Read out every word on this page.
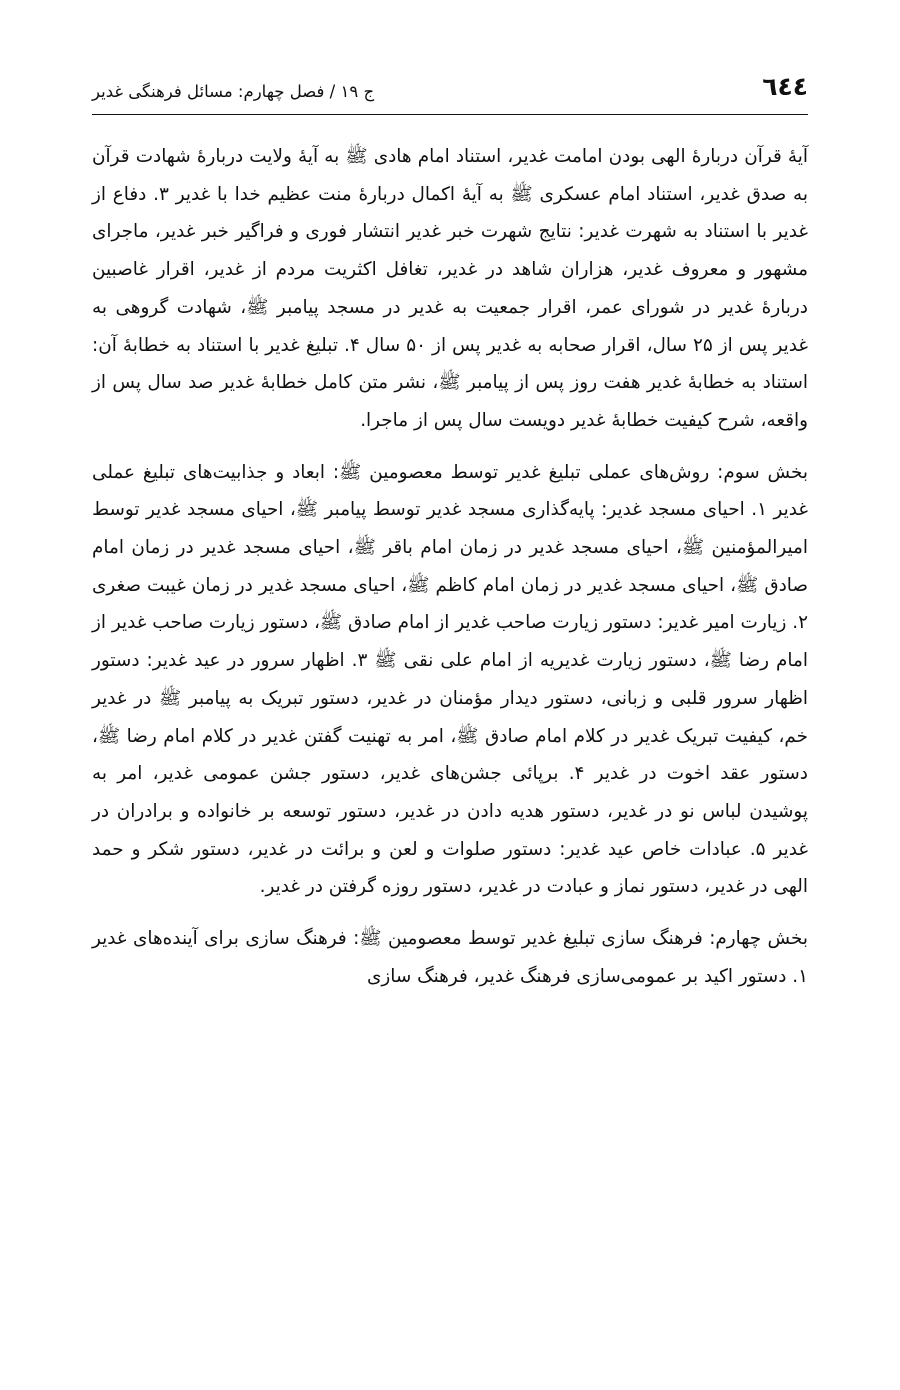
٦٤٤
ج ١٩ / فصل چهارم: مسائل فرهنگی غدیر

آیهٔ قرآن دربارهٔ الهی بودن امامت غدیر، استناد امام هادی ﷺ به آیهٔ ولایت دربارهٔ شهادت قرآن به صدق غدیر، استناد امام عسکری ﷺ به آیهٔ اکمال دربارهٔ منت عظیم خدا با غدیر ۳. دفاع از غدیر با استناد به شهرت غدیر: نتایج شهرت خبر غدیر انتشار فوری و فراگیر خبر غدیر، ماجرای مشهور و معروف غدیر، هزاران شاهد در غدیر، تغافل اکثریت مردم از غدیر، اقرار غاصبین دربارهٔ غدیر در شورای عمر، اقرار جمعیت به غدیر در مسجد پیامبر ﷺ، شهادت گروهی به غدیر پس از ۲۵ سال، اقرار صحابه به غدیر پس از ۵۰ سال ۴. تبلیغ غدیر با استناد به خطابهٔ آن: استناد به خطابهٔ غدیر هفت روز پس از پیامبر ﷺ، نشر متن کامل خطابهٔ غدیر صد سال پس از واقعه، شرح کیفیت خطابهٔ غدیر دویست سال پس از ماجرا.

بخش سوم: روش‌های عملی تبلیغ غدیر توسط معصومین ﷺ: ابعاد و جذابیت‌های تبلیغ عملی غدیر ۱. احیای مسجد غدیر: پایه‌گذاری مسجد غدیر توسط پیامبر ﷺ، احیای مسجد غدیر توسط امیرالمؤمنین ﷺ، احیای مسجد غدیر در زمان امام باقر ﷺ، احیای مسجد غدیر در زمان امام صادق ﷺ، احیای مسجد غدیر در زمان امام کاظم ﷺ، احیای مسجد غدیر در زمان غیبت صغری ۲. زیارت امیر غدیر: دستور زیارت صاحب غدیر از امام صادق ﷺ، دستور زیارت صاحب غدیر از امام رضا ﷺ، دستور زیارت غدیریه از امام علی نقی ﷺ ۳. اظهار سرور در عید غدیر: دستور اظهار سرور قلبی و زبانی، دستور دیدار مؤمنان در غدیر، دستور تبریک به پیامبر ﷺ در غدیر خم، کیفیت تبریک غدیر در کلام امام صادق ﷺ، امر به تهنیت گفتن غدیر در کلام امام رضا ﷺ، دستور عقد اخوت در غدیر ۴. برپائی جشن‌های غدیر، دستور جشن عمومی غدیر، امر به پوشیدن لباس نو در غدیر، دستور هدیه دادن در غدیر، دستور توسعه بر خانواده و برادران در غدیر ۵. عبادات خاص عید غدیر: دستور صلوات و لعن و برائت در غدیر، دستور شکر و حمد الهی در غدیر، دستور نماز و عبادت در غدیر، دستور روزه گرفتن در غدیر.

بخش چهارم: فرهنگ سازی تبلیغ غدیر توسط معصومین ﷺ: فرهنگ سازی برای آینده‌های غدیر ۱. دستور اکید بر عمومی‌سازی فرهنگ غدیر، فرهنگ سازی
